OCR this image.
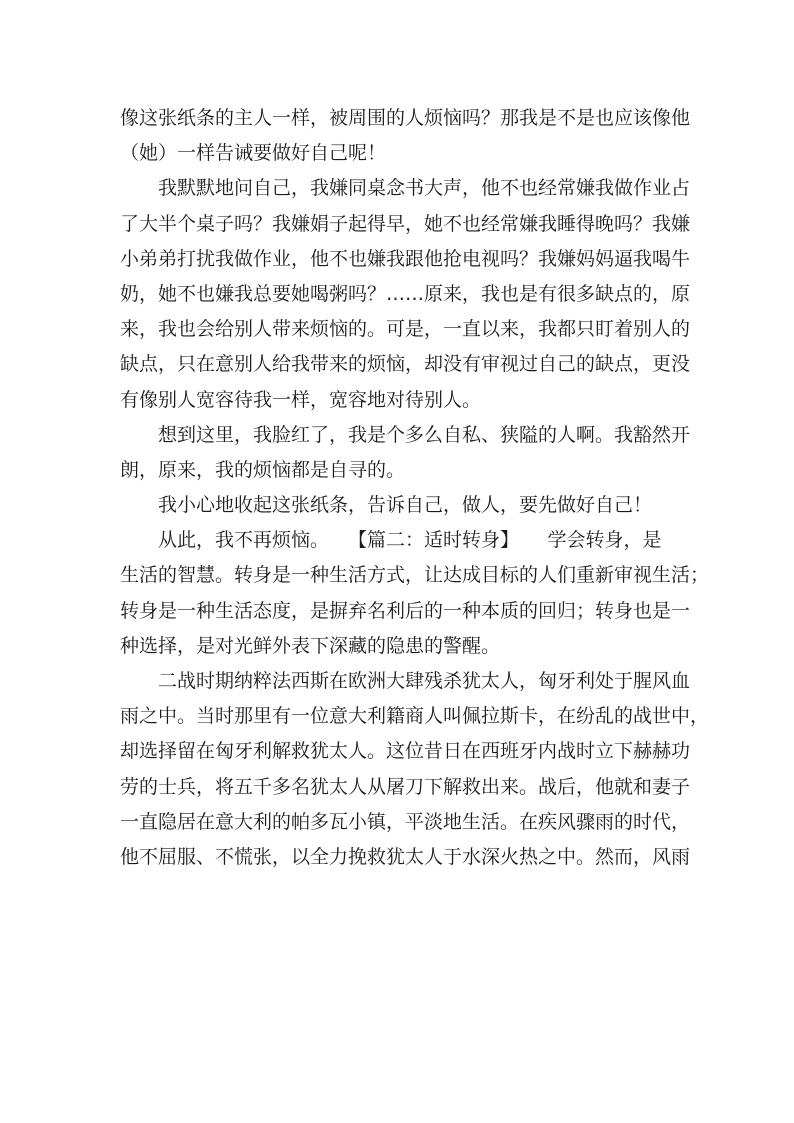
像这张纸条的主人一样，被周围的人烦恼吗？那我是不是也应该像他
（她）一样告诫要做好自己呢！
我默默地问自己，我嫌同桌念书大声，他不也经常嫌我做作业占
了大半个桌子吗？我嫌娟子起得早，她不也经常嫌我睡得晚吗？我嫌
小弟弟打扰我做作业，他不也嫌我跟他抢电视吗？我嫌妈妈逼我喝牛
奶，她不也嫌我总要她喝粥吗？……原来，我也是有很多缺点的，原
来，我也会给别人带来烦恼的。可是，一直以来，我都只盯着别人的
缺点，只在意别人给我带来的烦恼，却没有审视过自己的缺点，更没
有像别人宽容待我一样，宽容地对待别人。
想到这里，我脸红了，我是个多么自私、狭隘的人啊。我豁然开
朗，原来，我的烦恼都是自寻的。
我小心地收起这张纸条，告诉自己，做人，要先做好自己！
从此，我不再烦恼。　　【篇二：适时转身】　　学会转身，是
生活的智慧。转身是一种生活方式，让达成目标的人们重新审视生活；
转身是一种生活态度，是摒弃名利后的一种本质的回归；转身也是一
种选择，是对光鲜外表下深藏的隐患的警醒。
二战时期纳粹法西斯在欧洲大肆残杀犹太人，匈牙利处于腥风血
雨之中。当时那里有一位意大利籍商人叫佩拉斯卡，在纷乱的战世中，
却选择留在匈牙利解救犹太人。这位昔日在西班牙内战时立下赫赫功
劳的士兵，将五千多名犹太人从屠刀下解救出来。战后，他就和妻子
一直隐居在意大利的帕多瓦小镇，平淡地生活。在疾风骤雨的时代，
他不屈服、不慌张，以全力挽救犹太人于水深火热之中。然而，风雨
